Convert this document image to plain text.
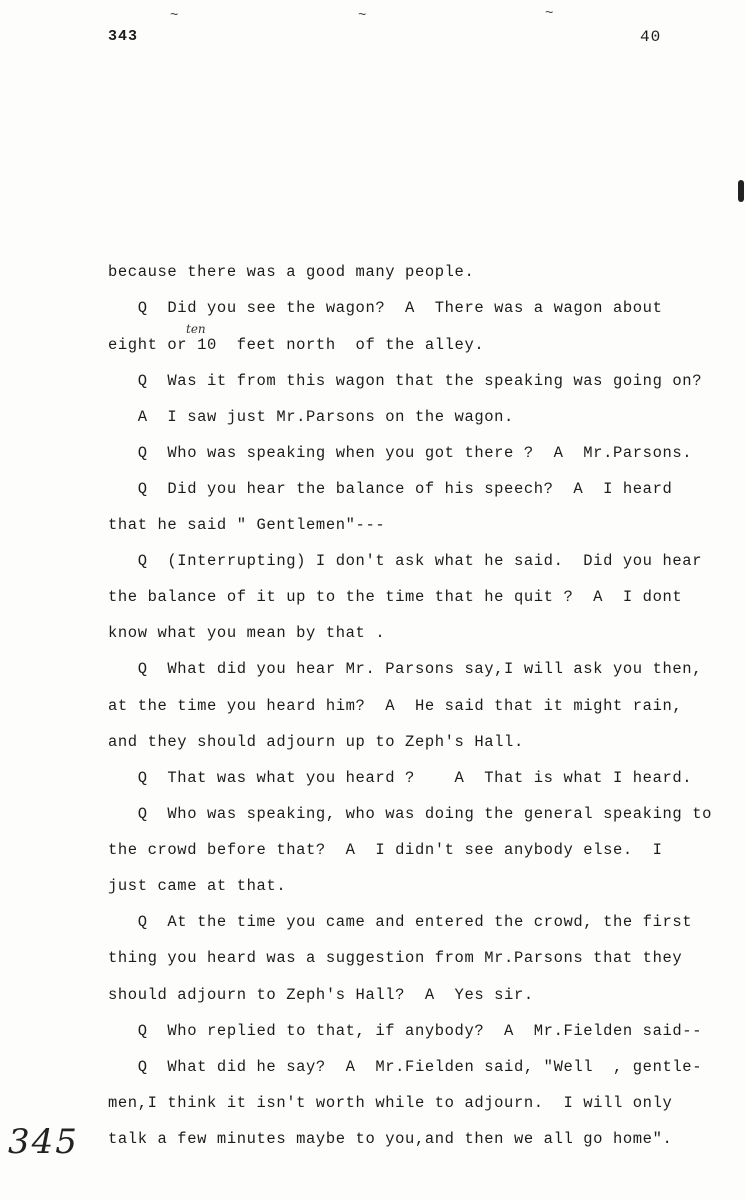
~	~	~
343	40
ten
because there was a good many people.
Q  Did you see the wagon?  A  There was a wagon about
eight or 10  feet north  of the alley.
Q  Was it from this wagon that the speaking was going on?
A  I saw just Mr.Parsons on the wagon.
Q  Who was speaking when you got there ?  A  Mr.Parsons.
Q  Did you hear the balance of his speech?  A  I heard
that he said " Gentlemen"---
Q  (Interrupting) I don't ask what he said.  Did you hear
the balance of it up to the time that he quit ?  A  I dont
know what you mean by that .
Q  What did you hear Mr. Parsons say,I will ask you then,
at the time you heard him?  A  He said that it might rain,
and they should adjourn up to Zeph's Hall.
Q  That was what you heard ?    A  That is what I heard.
Q  Who was speaking, who was doing the general speaking to
the crowd before that?  A  I didn't see anybody else.  I
just came at that.
Q  At the time you came and entered the crowd, the first
thing you heard was a suggestion from Mr.Parsons that they
should adjourn to Zeph's Hall?  A  Yes sir.
Q  Who replied to that, if anybody?  A  Mr.Fielden said--
Q  What did he say?  A  Mr.Fielden said, "Well  , gentle-
men,I think it isn't worth while to adjourn.  I will only
talk a few minutes maybe to you,and then we all go home".
345
